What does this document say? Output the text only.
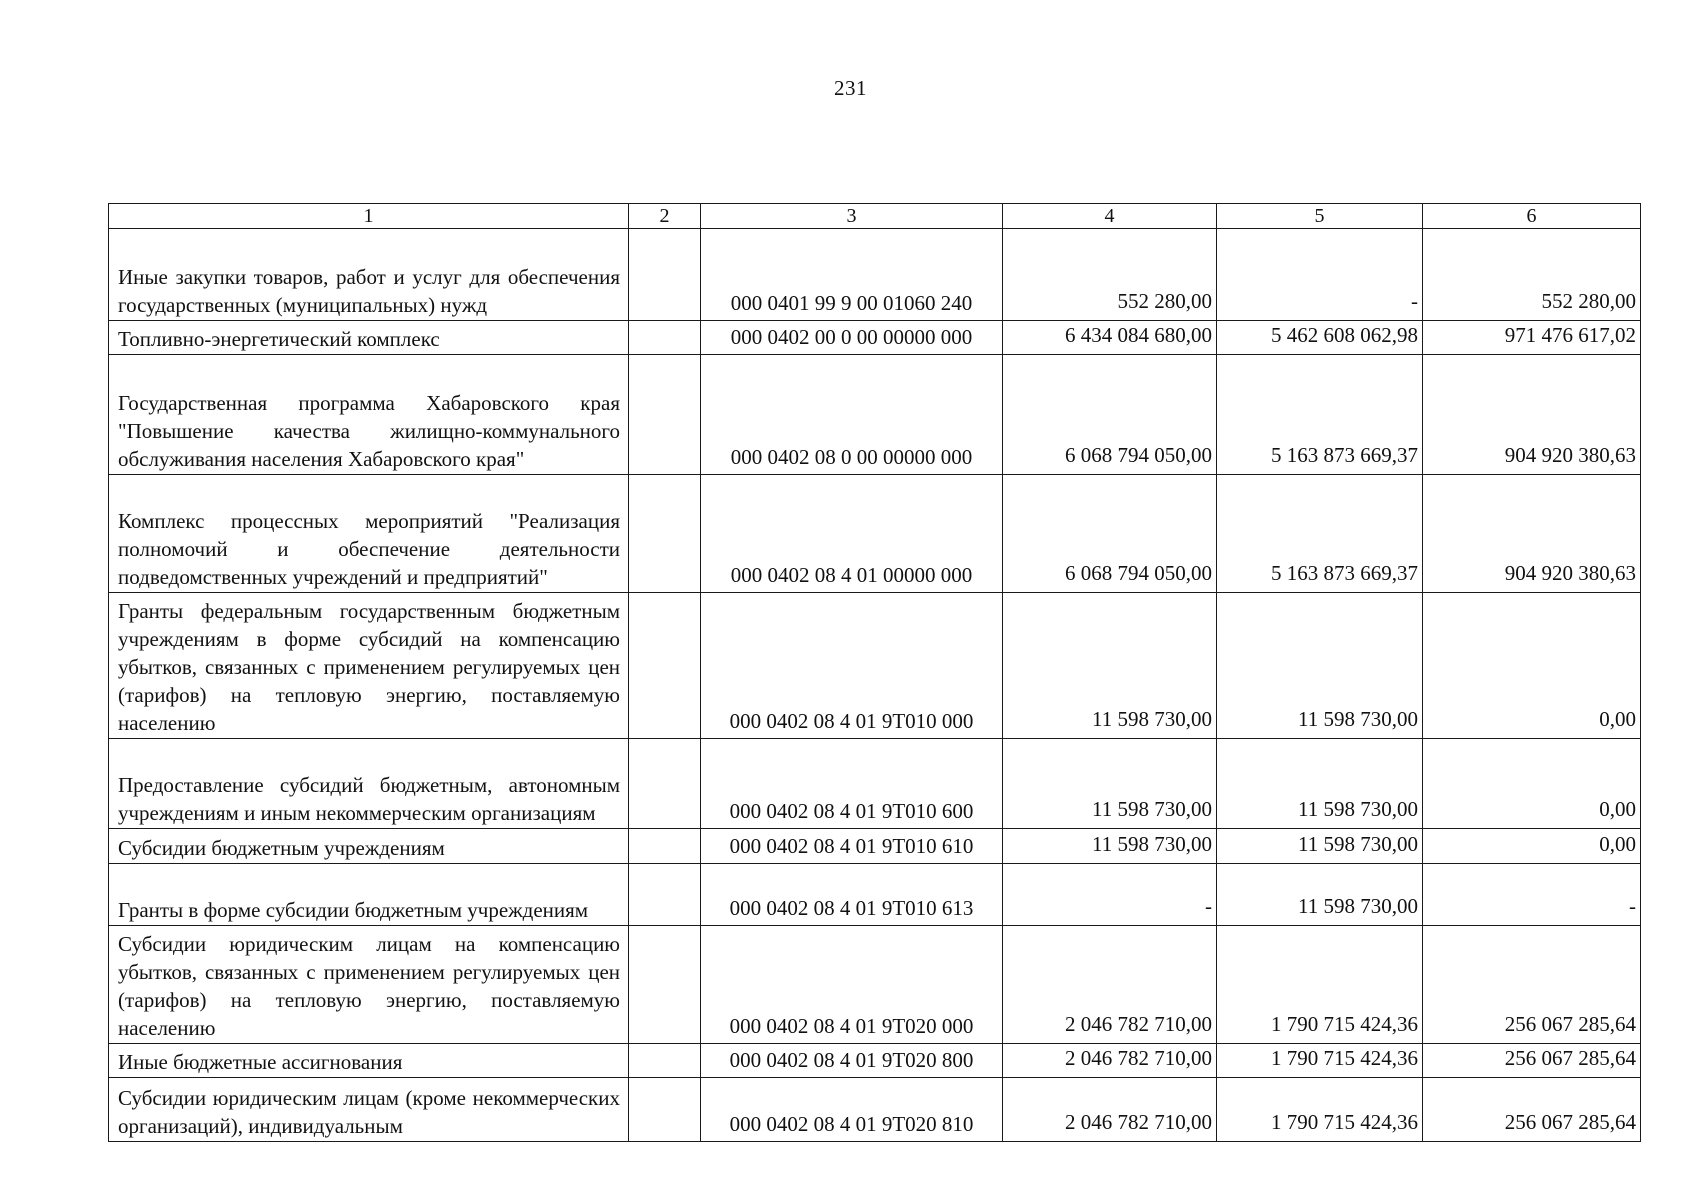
231
1	2	3	4	5	6
Иные закупки товаров, работ и услуг для обеспечения государственных (муниципальных) нужд		000 0401 99 9 00 01060 240	552 280,00	-	552 280,00
Топливно-энергетический комплекс		000 0402 00 0 00 00000 000	6 434 084 680,00	5 462 608 062,98	971 476 617,02
Государственная программа Хабаровского края "Повышение качества жилищно-коммунального обслуживания населения Хабаровского края"		000 0402 08 0 00 00000 000	6 068 794 050,00	5 163 873 669,37	904 920 380,63
Комплекс процессных мероприятий "Реализация полномочий и обеспечение деятельности подведомственных учреждений и предприятий"		000 0402 08 4 01 00000 000	6 068 794 050,00	5 163 873 669,37	904 920 380,63
Гранты федеральным государственным бюджетным учреждениям в форме субсидий на компенсацию убытков, связанных с применением регулируемых цен (тарифов) на тепловую энергию, поставляемую населению		000 0402 08 4 01 9Т010 000	11 598 730,00	11 598 730,00	0,00
Предоставление субсидий бюджетным, автономным учреждениям и иным некоммерческим организациям		000 0402 08 4 01 9Т010 600	11 598 730,00	11 598 730,00	0,00
Субсидии бюджетным учреждениям		000 0402 08 4 01 9Т010 610	11 598 730,00	11 598 730,00	0,00
Гранты в форме субсидии бюджетным учреждениям		000 0402 08 4 01 9Т010 613	-	11 598 730,00	-
Субсидии юридическим лицам на компенсацию убытков, связанных с применением регулируемых цен (тарифов) на тепловую энергию, поставляемую населению		000 0402 08 4 01 9Т020 000	2 046 782 710,00	1 790 715 424,36	256 067 285,64
Иные бюджетные ассигнования		000 0402 08 4 01 9Т020 800	2 046 782 710,00	1 790 715 424,36	256 067 285,64
Субсидии юридическим лицам (кроме некоммерческих организаций), индивидуальным		000 0402 08 4 01 9Т020 810	2 046 782 710,00	1 790 715 424,36	256 067 285,64
